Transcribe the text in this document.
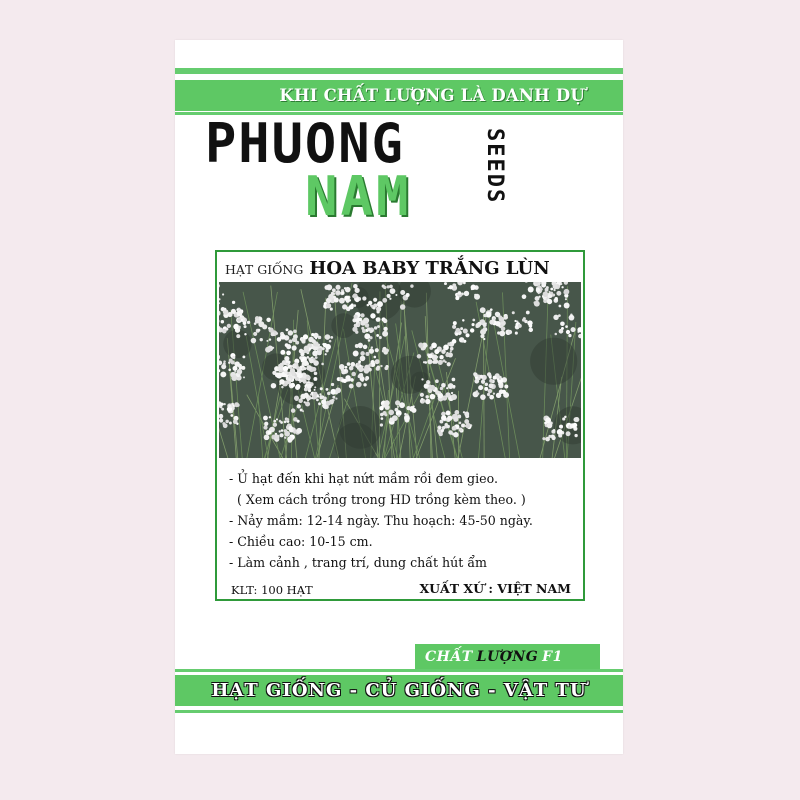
KHI CHẤT LƯỢNG LÀ DANH DỰ
PHUONG
NAM	SEEDS
HẠT GIỐNG HOA BABY TRẮNG LÙN
- Ủ hạt đến khi hạt nứt mầm rồi đem gieo.
( Xem cách trồng trong HD trồng kèm theo. )
- Nảy mầm: 12-14 ngày. Thu hoạch: 45-50 ngày.
- Chiều cao: 10-15 cm.
- Làm cảnh , trang trí, dung chất hút ẩm
KLT: 100 HẠT	XUẤT XỨ : VIỆT NAM
CHẤT LƯỢNG F1
HẠT GIỐNG - CỦ GIỐNG - VẬT TƯ
